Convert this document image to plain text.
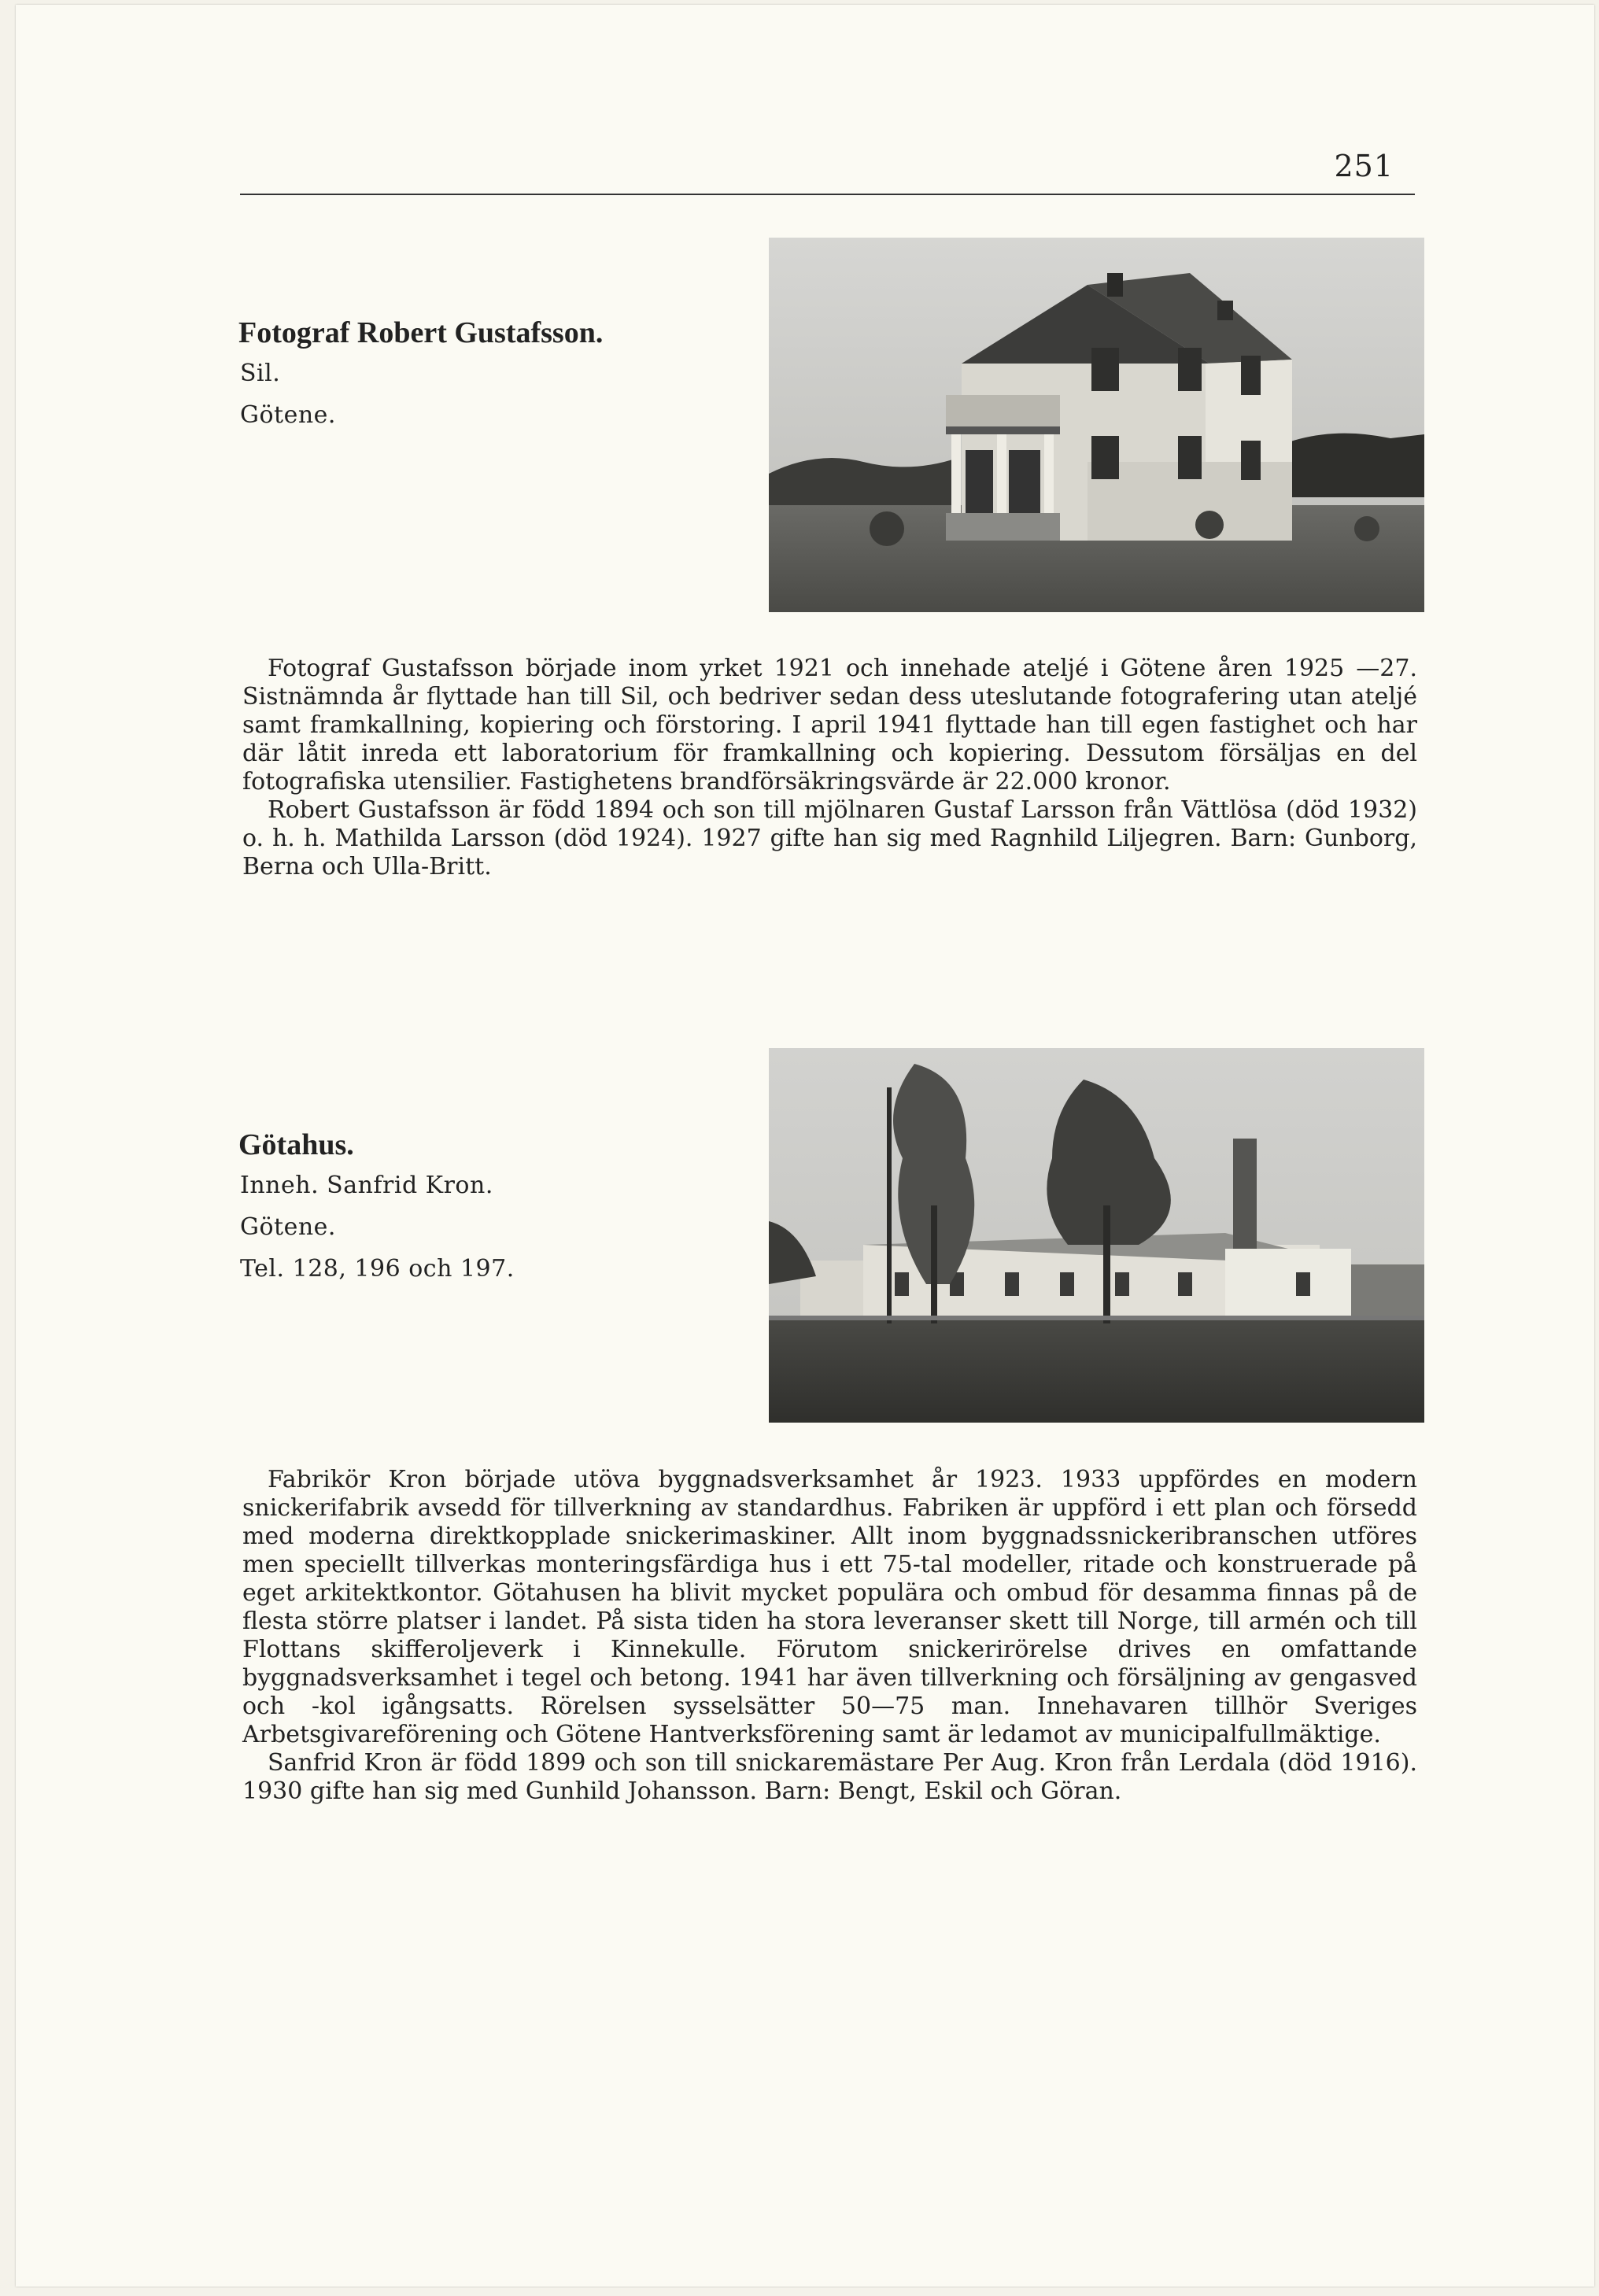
251
Fotograf Robert Gustafsson.
Sil.
Götene.

Fotograf Gustafsson började inom yrket 1921 och innehade ateljé i Götene åren 1925 —27. Sistnämnda år flyttade han till Sil, och bedriver sedan dess uteslutande fotografering utan ateljé samt framkallning, kopiering och förstoring. I april 1941 flyttade han till egen fastighet och har där låtit inreda ett laboratorium för framkallning och kopiering. Dessutom försäljas en del fotografiska utensilier. Fastighetens brandförsäkringsvärde är 22.000 kronor.

Robert Gustafsson är född 1894 och son till mjölnaren Gustaf Larsson från Vättlösa (död 1932) o. h. h. Mathilda Larsson (död 1924). 1927 gifte han sig med Ragnhild Liljegren. Barn: Gunborg, Berna och Ulla-Britt.

Götahus.
Inneh. Sanfrid Kron.
Götene.
Tel. 128, 196 och 197.

Fabrikör Kron började utöva byggnadsverksamhet år 1923. 1933 uppfördes en modern snickerifabrik avsedd för tillverkning av standardhus. Fabriken är uppförd i ett plan och försedd med moderna direktkopplade snickerimaskiner. Allt inom byggnadssnickeribranschen utföres men speciellt tillverkas monteringsfärdiga hus i ett 75-tal modeller, ritade och konstruerade på eget arkitektkontor. Götahusen ha blivit mycket populära och ombud för desamma finnas på de flesta större platser i landet. På sista tiden ha stora leveranser skett till Norge, till armén och till Flottans skifferoljeverk i Kinnekulle. Förutom snickerirörelse drives en omfattande byggnadsverksamhet i tegel och betong. 1941 har även tillverkning och försäljning av gengasved och -kol igångsatts. Rörelsen sysselsätter 50—75 man. Innehavaren tillhör Sveriges Arbetsgivareförening och Götene Hantverksförening samt är ledamot av municipalfullmäktige.

Sanfrid Kron är född 1899 och son till snickaremästare Per Aug. Kron från Lerdala (död 1916). 1930 gifte han sig med Gunhild Johansson. Barn: Bengt, Eskil och Göran.
